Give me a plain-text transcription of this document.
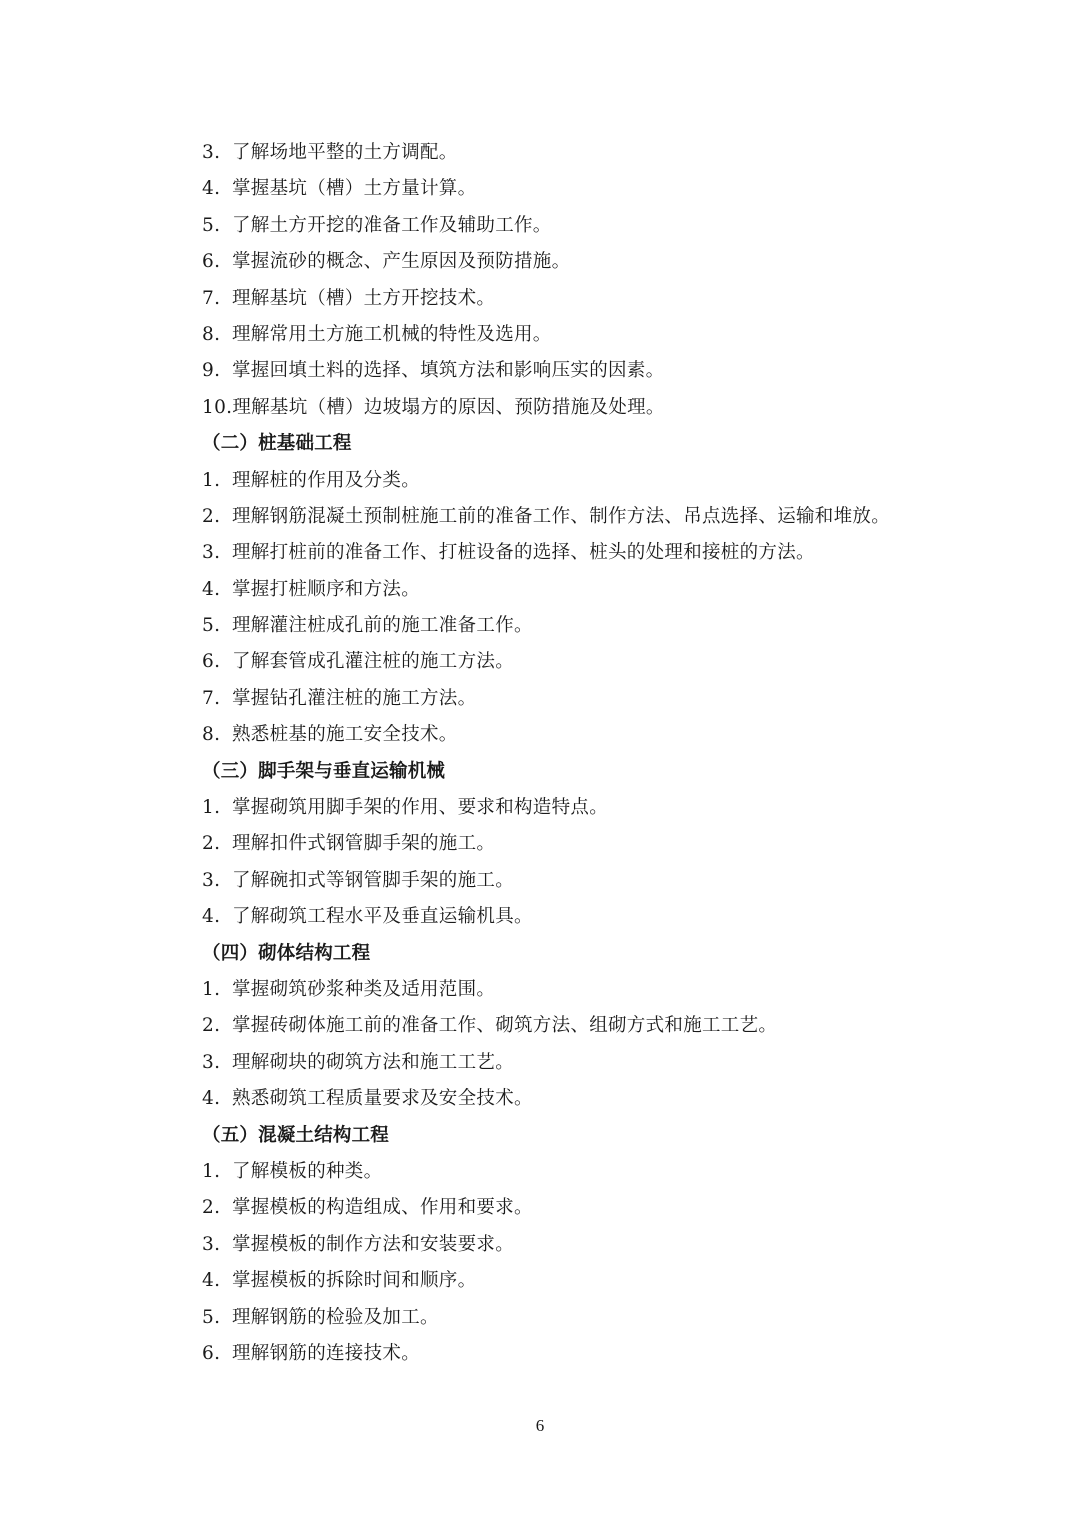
3. 了解场地平整的土方调配。
4. 掌握基坑（槽）土方量计算。
5. 了解土方开挖的准备工作及辅助工作。
6. 掌握流砂的概念、产生原因及预防措施。
7. 理解基坑（槽）土方开挖技术。
8. 理解常用土方施工机械的特性及选用。
9. 掌握回填土料的选择、填筑方法和影响压实的因素。
10.理解基坑（槽）边坡塌方的原因、预防措施及处理。
（二）桩基础工程
1. 理解桩的作用及分类。
2. 理解钢筋混凝土预制桩施工前的准备工作、制作方法、吊点选择、运输和堆放。
3. 理解打桩前的准备工作、打桩设备的选择、桩头的处理和接桩的方法。
4. 掌握打桩顺序和方法。
5. 理解灌注桩成孔前的施工准备工作。
6. 了解套管成孔灌注桩的施工方法。
7. 掌握钻孔灌注桩的施工方法。
8. 熟悉桩基的施工安全技术。
（三）脚手架与垂直运输机械
1. 掌握砌筑用脚手架的作用、要求和构造特点。
2. 理解扣件式钢管脚手架的施工。
3. 了解碗扣式等钢管脚手架的施工。
4. 了解砌筑工程水平及垂直运输机具。
（四）砌体结构工程
1. 掌握砌筑砂浆种类及适用范围。
2. 掌握砖砌体施工前的准备工作、砌筑方法、组砌方式和施工工艺。
3. 理解砌块的砌筑方法和施工工艺。
4. 熟悉砌筑工程质量要求及安全技术。
（五）混凝土结构工程
1. 了解模板的种类。
2. 掌握模板的构造组成、作用和要求。
3. 掌握模板的制作方法和安装要求。
4. 掌握模板的拆除时间和顺序。
5. 理解钢筋的检验及加工。
6. 理解钢筋的连接技术。
6
